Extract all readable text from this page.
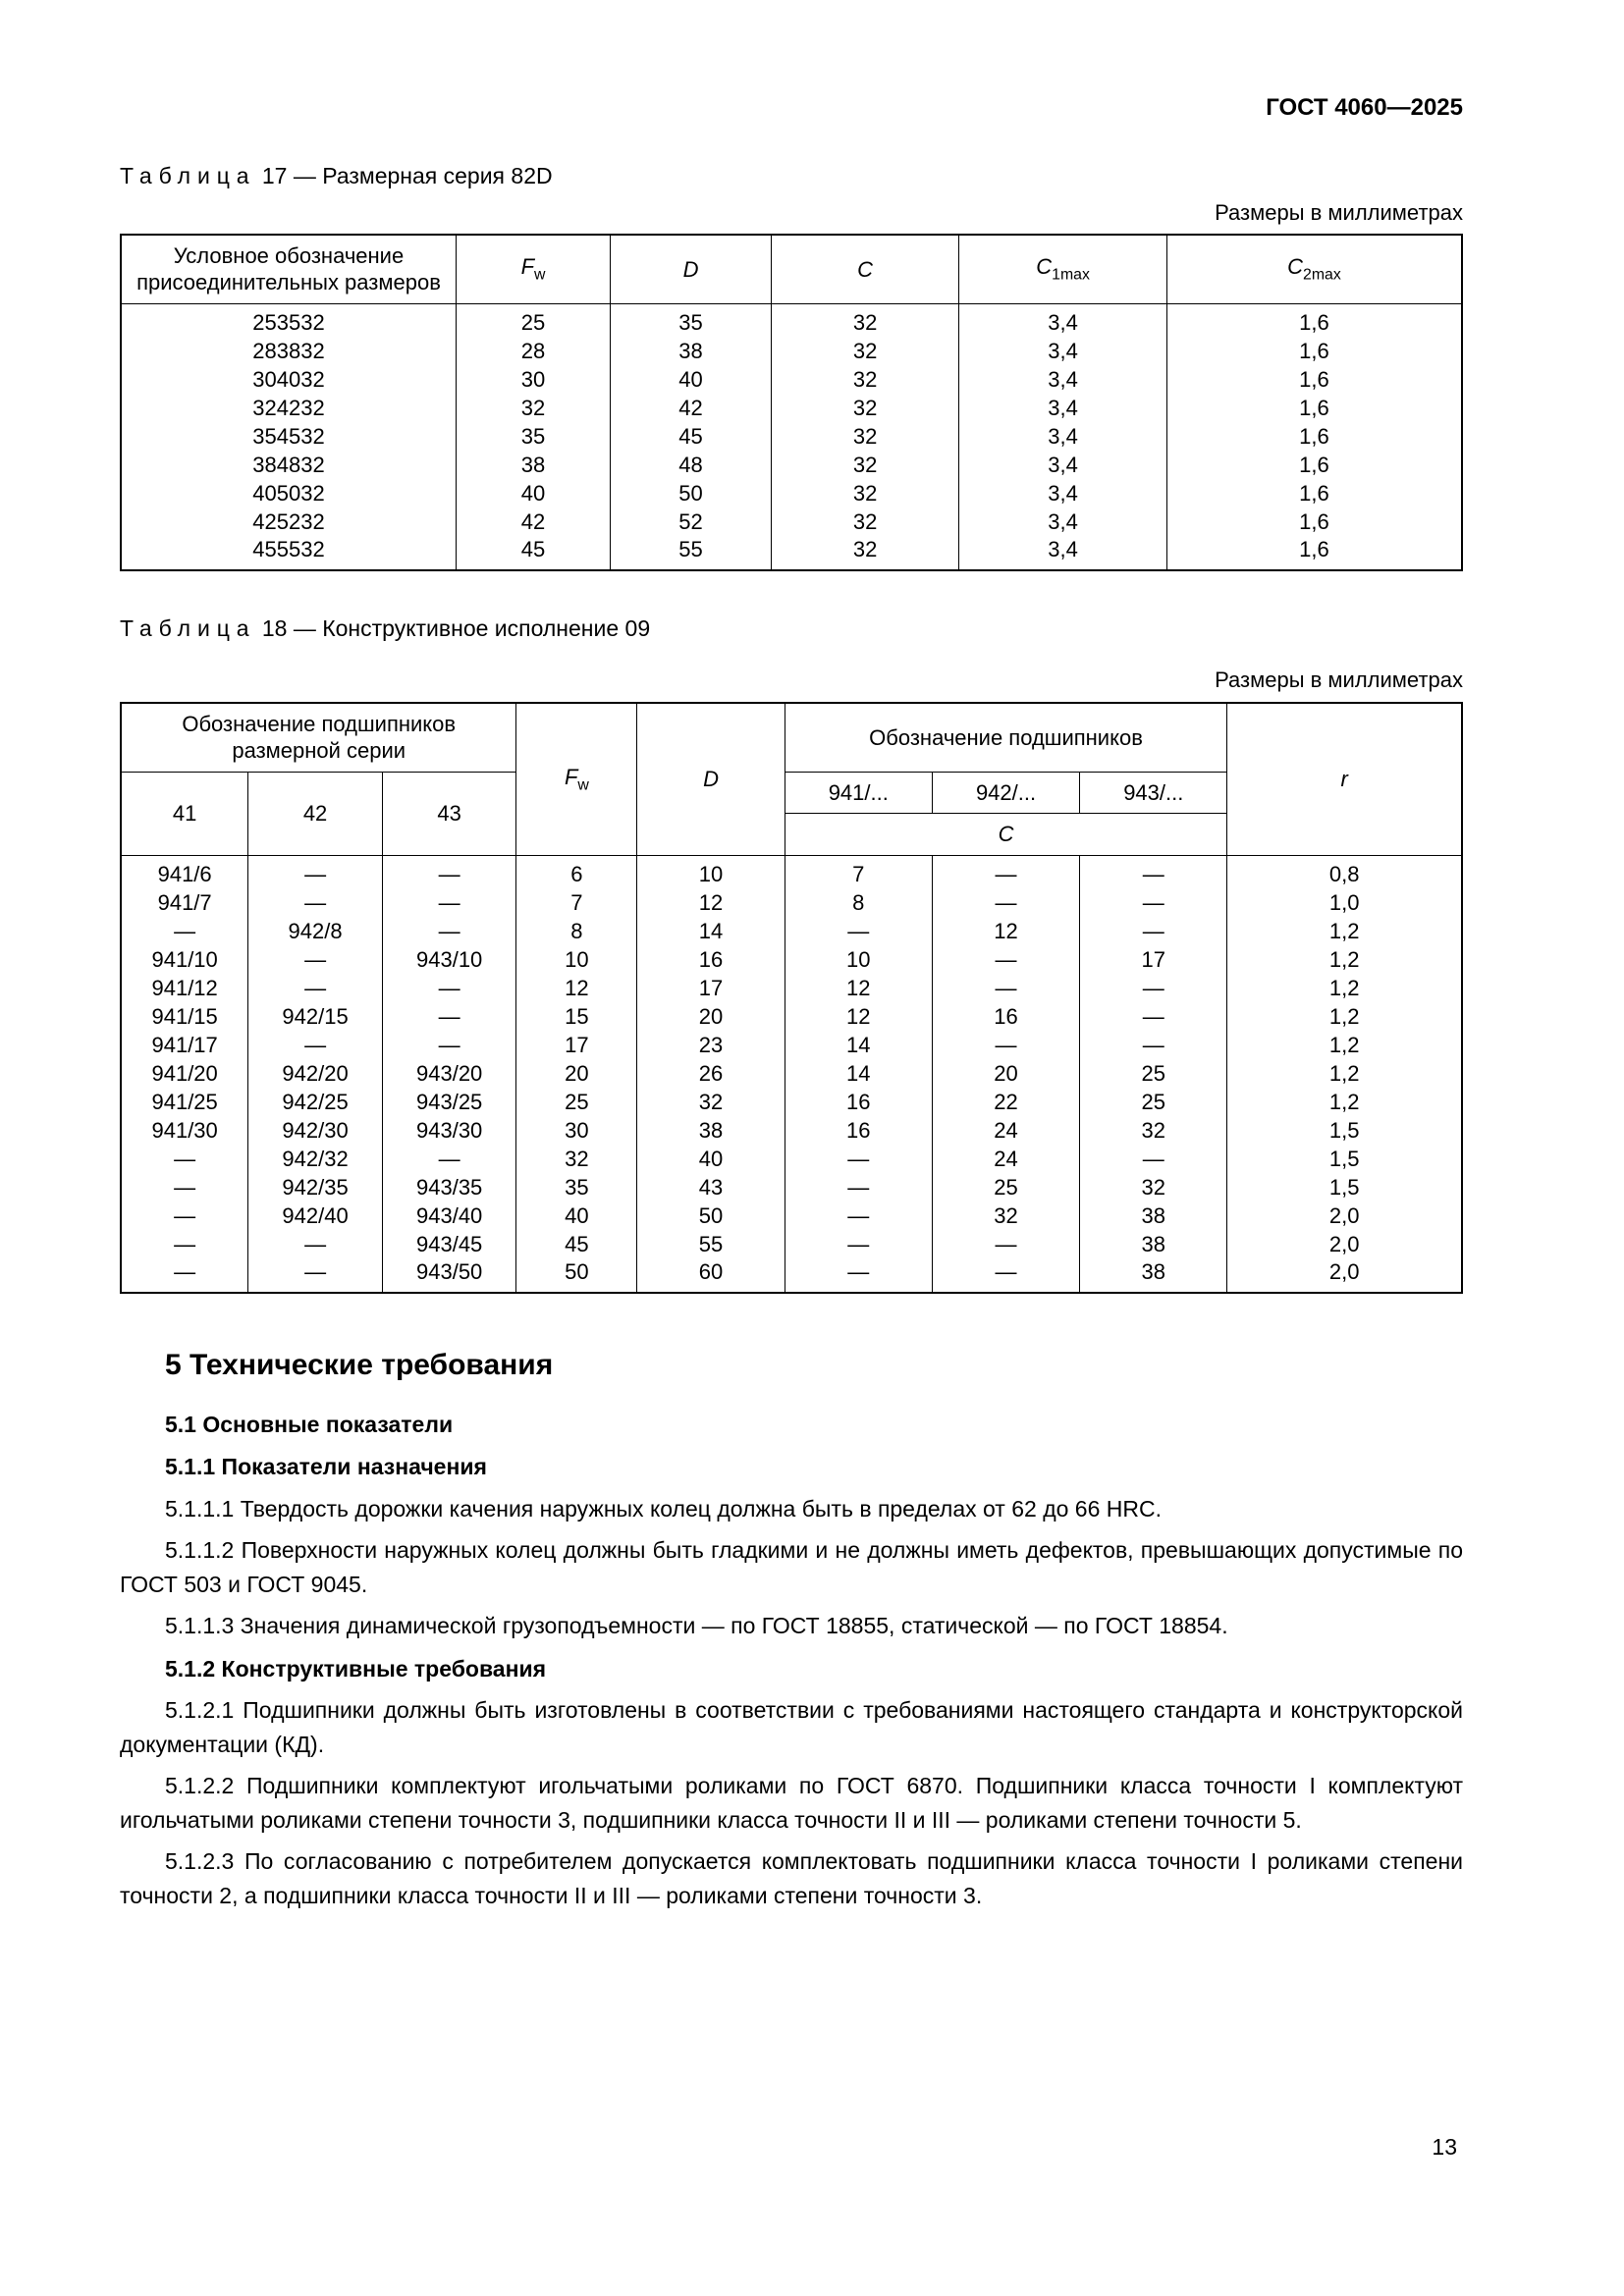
ГОСТ 4060—2025
Таблица 17 — Размерная серия 82D
Размеры в миллиметрах
Условное обозначение присоединительных размеров	$F_w$	D	C	$C_{1max}$	$C_{2max}$
253532	25	35	32	3,4	1,6
283832	28	38	32	3,4	1,6
304032	30	40	32	3,4	1,6
324232	32	42	32	3,4	1,6
354532	35	45	32	3,4	1,6
384832	38	48	32	3,4	1,6
405032	40	50	32	3,4	1,6
425232	42	52	32	3,4	1,6
455532	45	55	32	3,4	1,6
Таблица 18 — Конструктивное исполнение 09
Размеры в миллиметрах
Обозначение подшипников размерной серии			$F_w$	D	Обозначение подшипников			r
41	42	43			941/...	942/...	943/...	
					С			
941/6	—	—	6	10	7	—	—	0,8
941/7	—	—	7	12	8	—	—	1,0
—	942/8	—	8	14	—	12	—	1,2
941/10	—	943/10	10	16	10	—	17	1,2
941/12	—	—	12	17	12	—	—	1,2
941/15	942/15	—	15	20	12	16	—	1,2
941/17	—	—	17	23	14	—	—	1,2
941/20	942/20	943/20	20	26	14	20	25	1,2
941/25	942/25	943/25	25	32	16	22	25	1,2
941/30	942/30	943/30	30	38	16	24	32	1,5
—	942/32	—	32	40	—	24	—	1,5
—	942/35	943/35	35	43	—	25	32	1,5
—	942/40	943/40	40	50	—	32	38	2,0
—	—	943/45	45	55	—	—	38	2,0
—	—	943/50	50	60	—	—	38	2,0
5 Технические требования
5.1 Основные показатели
5.1.1 Показатели назначения

5.1.1.1 Твердость дорожки качения наружных колец должна быть в пределах от 62 до 66 HRC.

5.1.1.2 Поверхности наружных колец должны быть гладкими и не должны иметь дефектов, превышающих допустимые по ГОСТ 503 и ГОСТ 9045.

5.1.1.3 Значения динамической грузоподъемности — по ГОСТ 18855, статической — по ГОСТ 18854.

5.1.2 Конструктивные требования

5.1.2.1 Подшипники должны быть изготовлены в соответствии с требованиями настоящего стандарта и конструкторской документации (КД).

5.1.2.2 Подшипники комплектуют игольчатыми роликами по ГОСТ 6870. Подшипники класса точности I комплектуют игольчатыми роликами степени точности 3, подшипники класса точности II и III — роликами степени точности 5.

5.1.2.3 По согласованию с потребителем допускается комплектовать подшипники класса точности I роликами степени точности 2, а подшипники класса точности II и III — роликами степени точности 3.

13
